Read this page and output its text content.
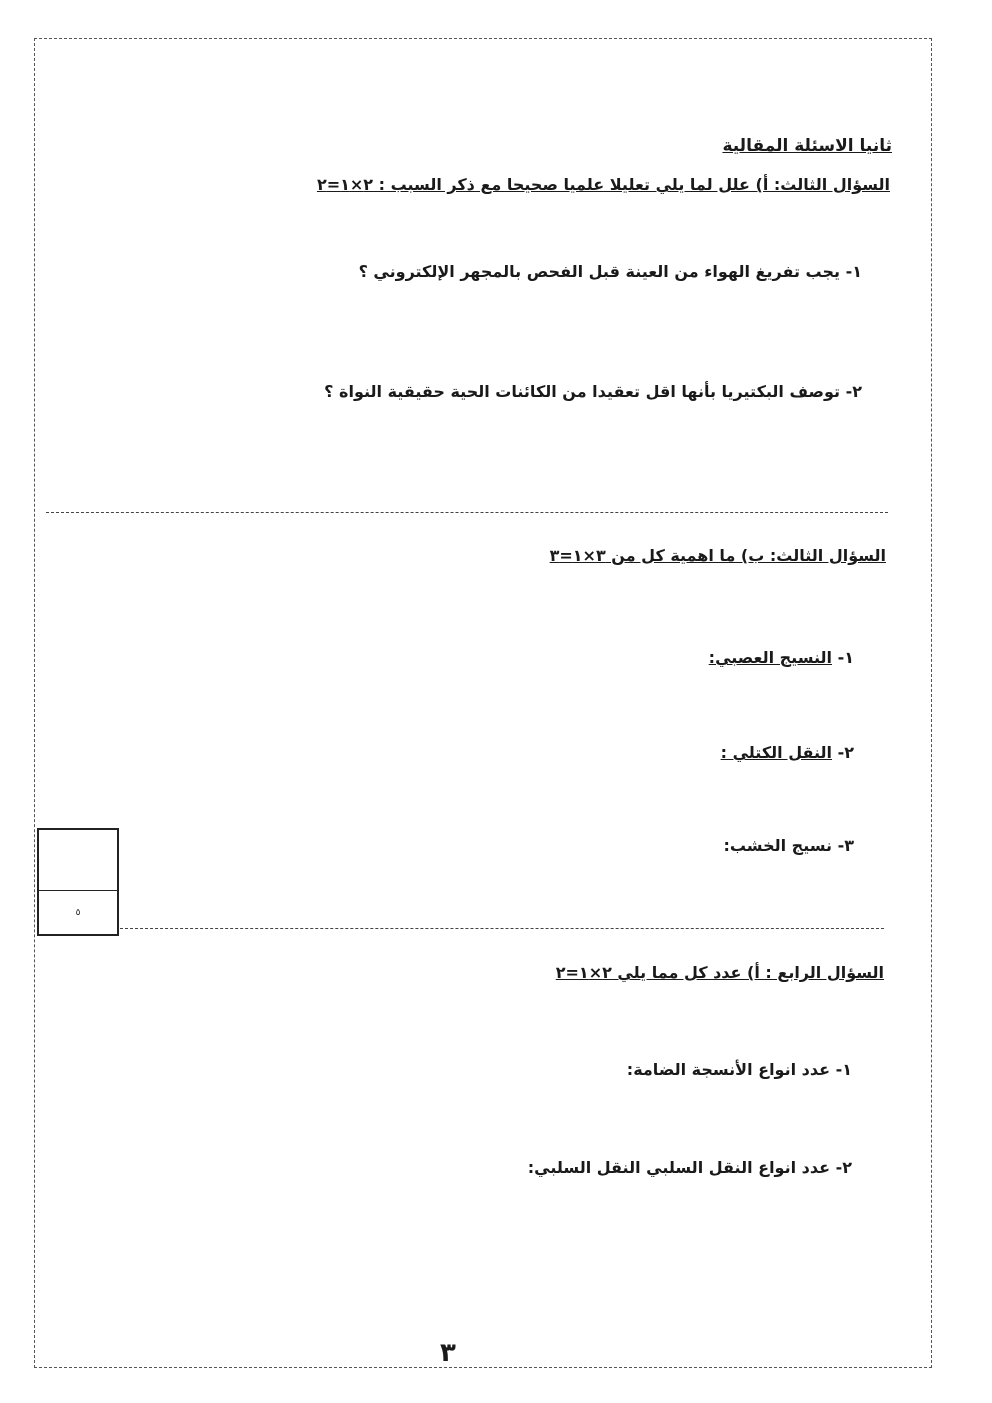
ثانيا الاسئلة المقالية
السؤال الثالث: أ) علل لما يلي تعليلا علميا صحيحا مع ذكر السبب : ٢×١=٢
١- يجب تفريغ الهواء من العينة قبل الفحص بالمجهر الإلكتروني ؟
٢- توصف البكتيريا بأنها اقل تعقيدا من الكائنات الحية حقيقية النواة ؟
السؤال الثالث: ب) ما اهمية كل من ٣×١=٣
١- النسيج العصبي:
٢- النقل الكتلي :
٣- نسيج الخشب:
٥
السؤال الرابع : أ) عدد كل مما يلي ٢×١=٢
١- عدد انواع الأنسجة الضامة:
٢- عدد انواع النقل السلبي النقل السلبي:
٣
